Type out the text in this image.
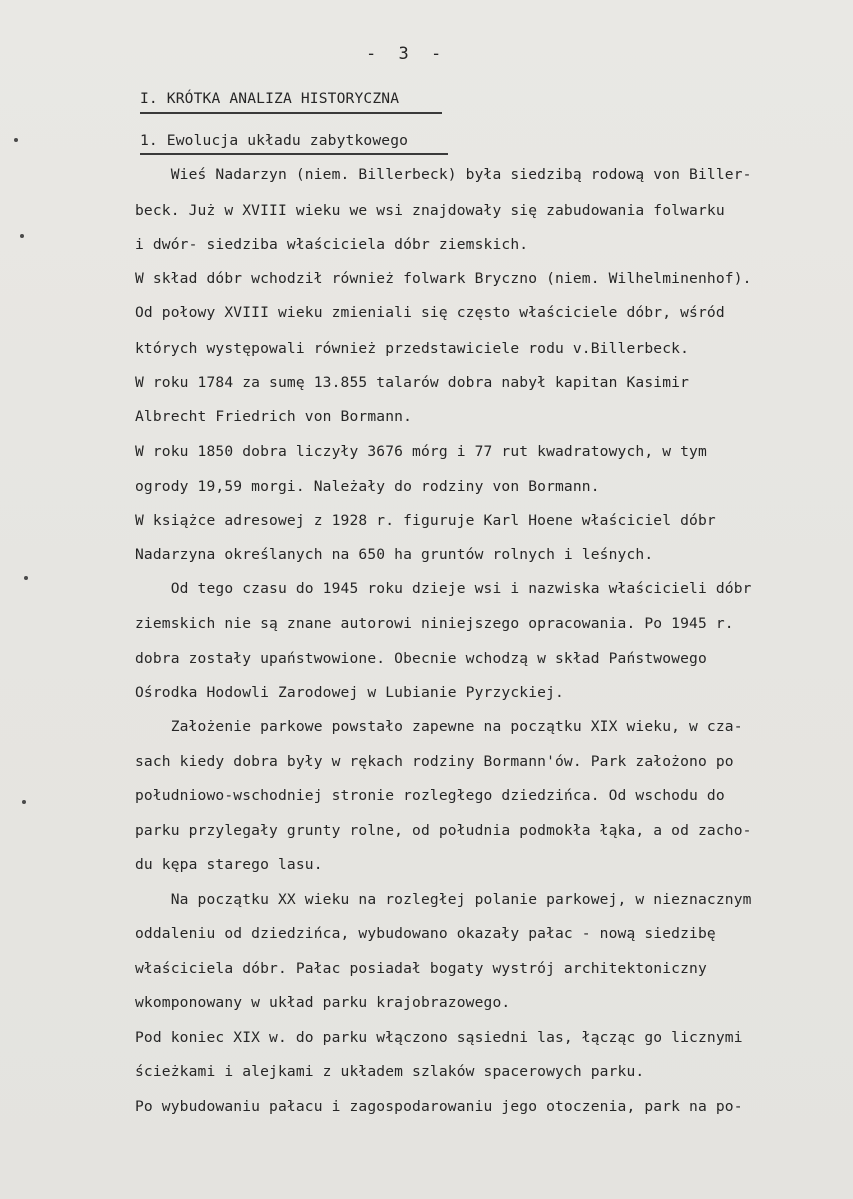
- 3 -
I. KRÓTKA ANALIZA HISTORYCZNA
1. Ewolucja układu zabytkowego
Wieś Nadarzyn (niem. Billerbeck) była siedzibą rodową von Biller-
beck. Już w XVIII wieku we wsi znajdowały się zabudowania folwarku
i dwór- siedziba właściciela dóbr ziemskich.
W skład dóbr wchodził również folwark Bryczno (niem. Wilhelminenhof).
Od połowy XVIII wieku zmieniali się często właściciele dóbr, wśród
których występowali również przedstawiciele rodu v.Billerbeck.
W roku 1784 za sumę 13.855 talarów dobra nabył kapitan Kasimir
Albrecht Friedrich von Bormann.
W roku 1850 dobra liczyły 3676 mórg i 77 rut kwadratowych, w tym
ogrody 19,59 morgi. Należały do rodziny von Bormann.
W książce adresowej z 1928 r. figuruje Karl Hoene właściciel dóbr
Nadarzyna określanych na 650 ha gruntów rolnych i leśnych.
Od tego czasu do 1945 roku dzieje wsi i nazwiska właścicieli dóbr
ziemskich nie są znane autorowi niniejszego opracowania. Po 1945 r.
dobra zostały upaństwowione. Obecnie wchodzą w skład Państwowego
Ośrodka Hodowli Zarodowej w Lubianie Pyrzyckiej.
Założenie parkowe powstało zapewne na początku XIX wieku, w cza-
sach kiedy dobra były w rękach rodziny Bormann'ów. Park założono po
południowo-wschodniej stronie rozległego dziedzińca. Od wschodu do
parku przylegały grunty rolne, od południa podmokła łąka, a od zacho-
du kępa starego lasu.
Na początku XX wieku na rozległej polanie parkowej, w nieznacznym
oddaleniu od dziedzińca, wybudowano okazały pałac - nową siedzibę
właściciela dóbr. Pałac posiadał bogaty wystrój architektoniczny
wkomponowany w układ parku krajobrazowego.
Pod koniec XIX w. do parku włączono sąsiedni las, łącząc go licznymi
ścieżkami i alejkami z układem szlaków spacerowych parku.
Po wybudowaniu pałacu i zagospodarowaniu jego otoczenia, park na po-
